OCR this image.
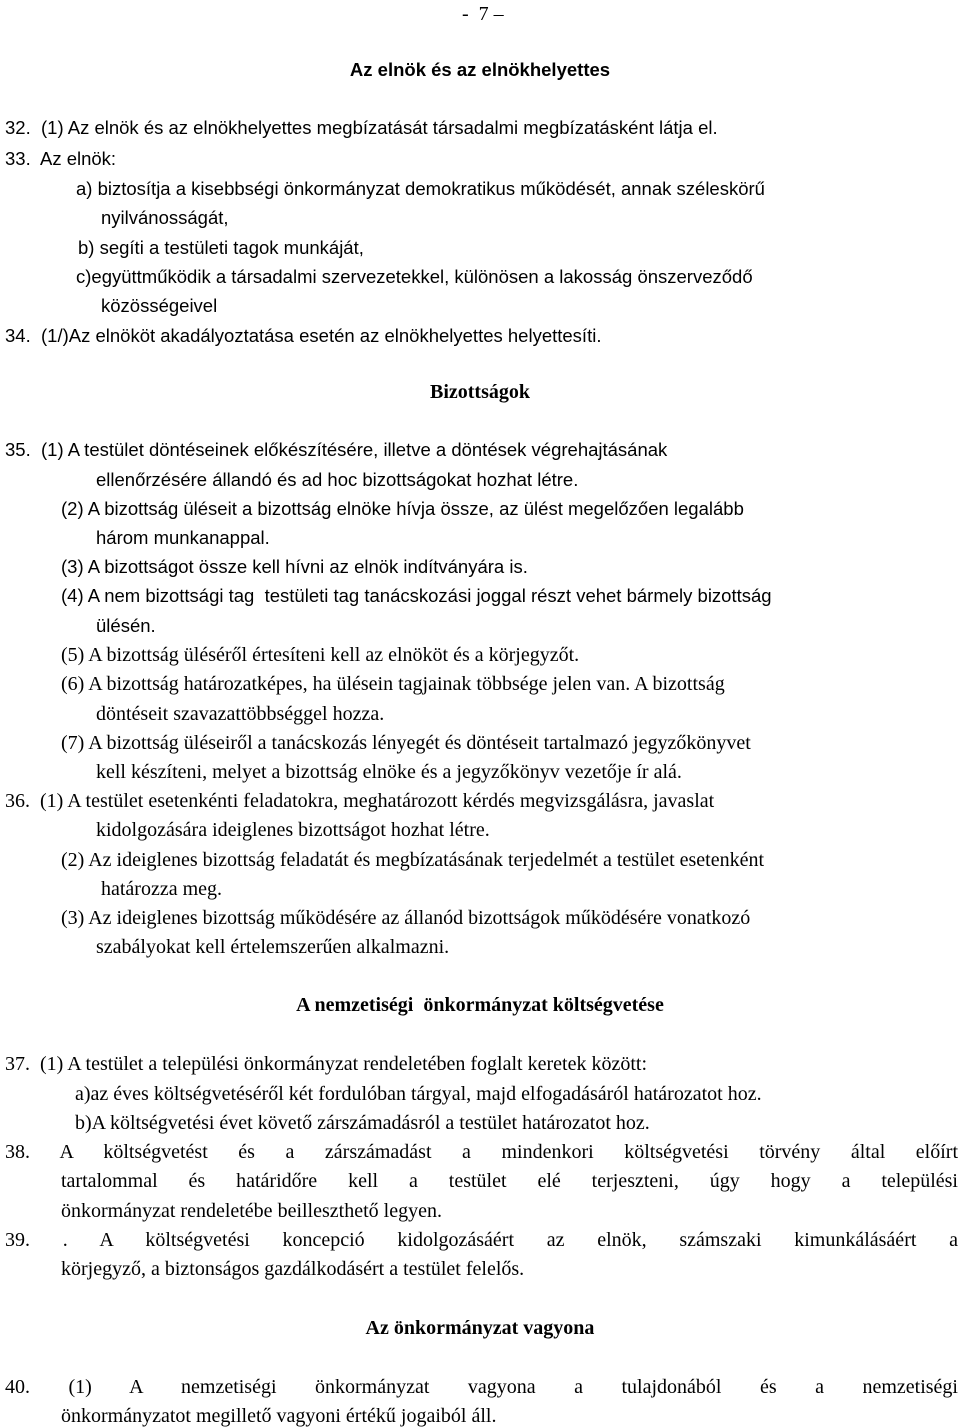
-  7 –
Az elnök és az elnökhelyettes
32.  (1) Az elnök és az elnökhelyettes megbízatását társadalmi megbízatásként látja el.
33.  Az elnök:
a) biztosítja a kisebbségi önkormányzat demokratikus működését, annak széleskörű
nyilvánosságát,
b) segíti a testületi tagok munkáját,
c)együttműködik a társadalmi szervezetekkel, különösen a lakosság önszerveződő
közösségeivel
34.  (1/)Az elnököt akadályoztatása esetén az elnökhelyettes helyettesíti.
Bizottságok
35.  (1) A testület döntéseinek előkészítésére, illetve a döntések végrehajtásának
ellenőrzésére állandó és ad hoc bizottságokat hozhat létre.
(2) A bizottság üléseit a bizottság elnöke hívja össze, az ülést megelőzően legalább
három munkanappal.
(3) A bizottságot össze kell hívni az elnök indítványára is.
(4) A nem bizottsági tag  testületi tag tanácskozási joggal részt vehet bármely bizottság
ülésén.
(5) A bizottság üléséről értesíteni kell az elnököt és a körjegyzőt.
(6) A bizottság határozatképes, ha ülésein tagjainak többsége jelen van. A bizottság
döntéseit szavazattöbbséggel hozza.
(7) A bizottság üléseiről a tanácskozás lényegét és döntéseit tartalmazó jegyzőkönyvet
kell készíteni, melyet a bizottság elnöke és a jegyzőkönyv vezetője ír alá.
36.  (1) A testület esetenkénti feladatokra, meghatározott kérdés megvizsgálásra, javaslat
kidolgozására ideiglenes bizottságot hozhat létre.
(2) Az ideiglenes bizottság feladatát és megbízatásának terjedelmét a testület esetenként
határozza meg.
(3) Az ideiglenes bizottság működésére az állanód bizottságok működésére vonatkozó
szabályokat kell értelemszerűen alkalmazni.
A nemzetiségi  önkormányzat költségvetése
37.  (1) A testület a települési önkormányzat rendeletében foglalt keretek között:
a)az éves költségvetéséről két fordulóban tárgyal, majd elfogadásáról határozatot hoz.
b)A költségvetési évet követő zárszámadásról a testület határozatot hoz.
38. A költségvetést és a zárszámadást a mindenkori költségvetési törvény által előírt
tartalommal és határidőre kell a testület elé terjeszteni, úgy hogy a települési
önkormányzat rendeletébe beilleszthető legyen.
39. . A költségvetési koncepció kidolgozásáért az elnök, számszaki kimunkálásáért a
körjegyző, a biztonságos gazdálkodásért a testület felelős.
Az önkormányzat vagyona
40. (1) A nemzetiségi önkormányzat vagyona a tulajdonából és a nemzetiségi
önkormányzatot megillető vagyoni értékű jogaiból áll.
